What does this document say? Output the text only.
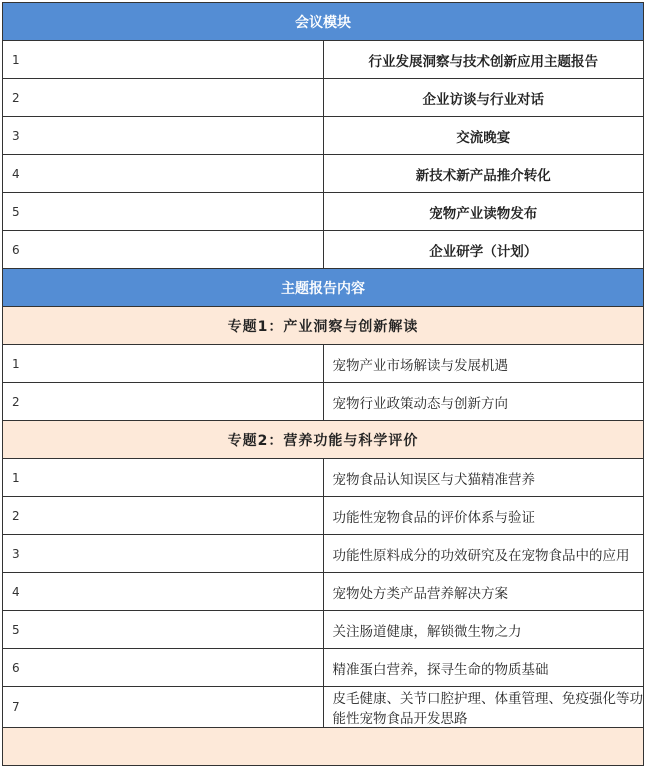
会议模块	
1	行业发展洞察与技术创新应用主题报告
2	企业访谈与行业对话
3	交流晚宴
4	新技术新产品推介转化
5	宠物产业读物发布
6	企业研学（计划）
主题报告内容	
专题1：产业洞察与创新解读	
1	宠物产业市场解读与发展机遇
2	宠物行业政策动态与创新方向
专题2：营养功能与科学评价	
1	宠物食品认知误区与犬猫精准营养
2	功能性宠物食品的评价体系与验证
3	功能性原料成分的功效研究及在宠物食品中的应用
4	宠物处方类产品营养解决方案
5	关注肠道健康，解锁微生物之力
6	精准蛋白营养，探寻生命的物质基础
7	皮毛健康、关节口腔护理、体重管理、免疫强化等功能性宠物食品开发思路
